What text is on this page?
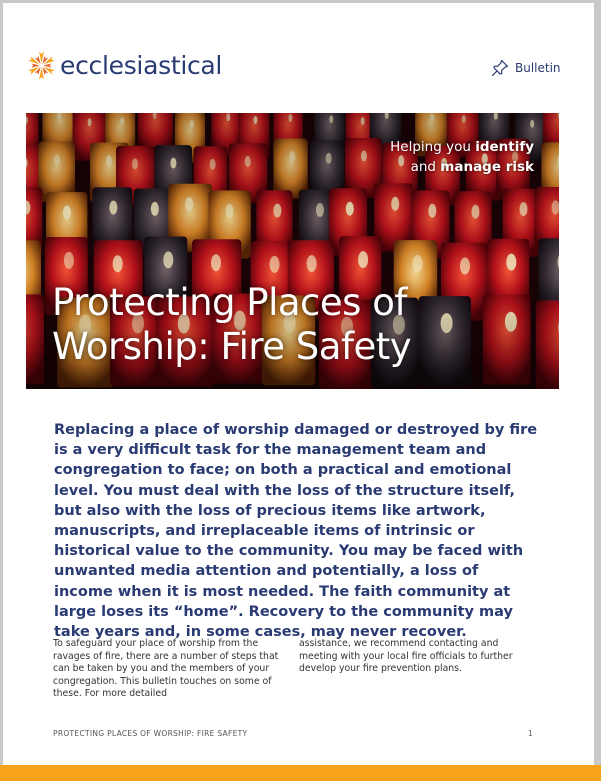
ecclesiastical	Bulletin
Helping you identify
and manage risk
Protecting Places of
Worship: Fire Safety

Replacing a place of worship damaged or destroyed by fire is a very difficult task for the management team and congregation to face; on both a practical and emotional level. You must deal with the loss of the structure itself, but also with the loss of precious items like artwork, manuscripts, and irreplaceable items of intrinsic or historical value to the community. You may be faced with unwanted media attention and potentially, a loss of income when it is most needed. The faith community at large loses its “home”. Recovery to the community may take years and, in some cases, may never recover.

To safeguard your place of worship from the ravages of fire, there are a number of steps that can be taken by you and the members of your congregation. This bulletin touches on some of these. For more detailed

assistance, we recommend contacting and meeting with your local fire officials to further develop your fire prevention plans.

PROTECTING PLACES OF WORSHIP: FIRE SAFETY	1
